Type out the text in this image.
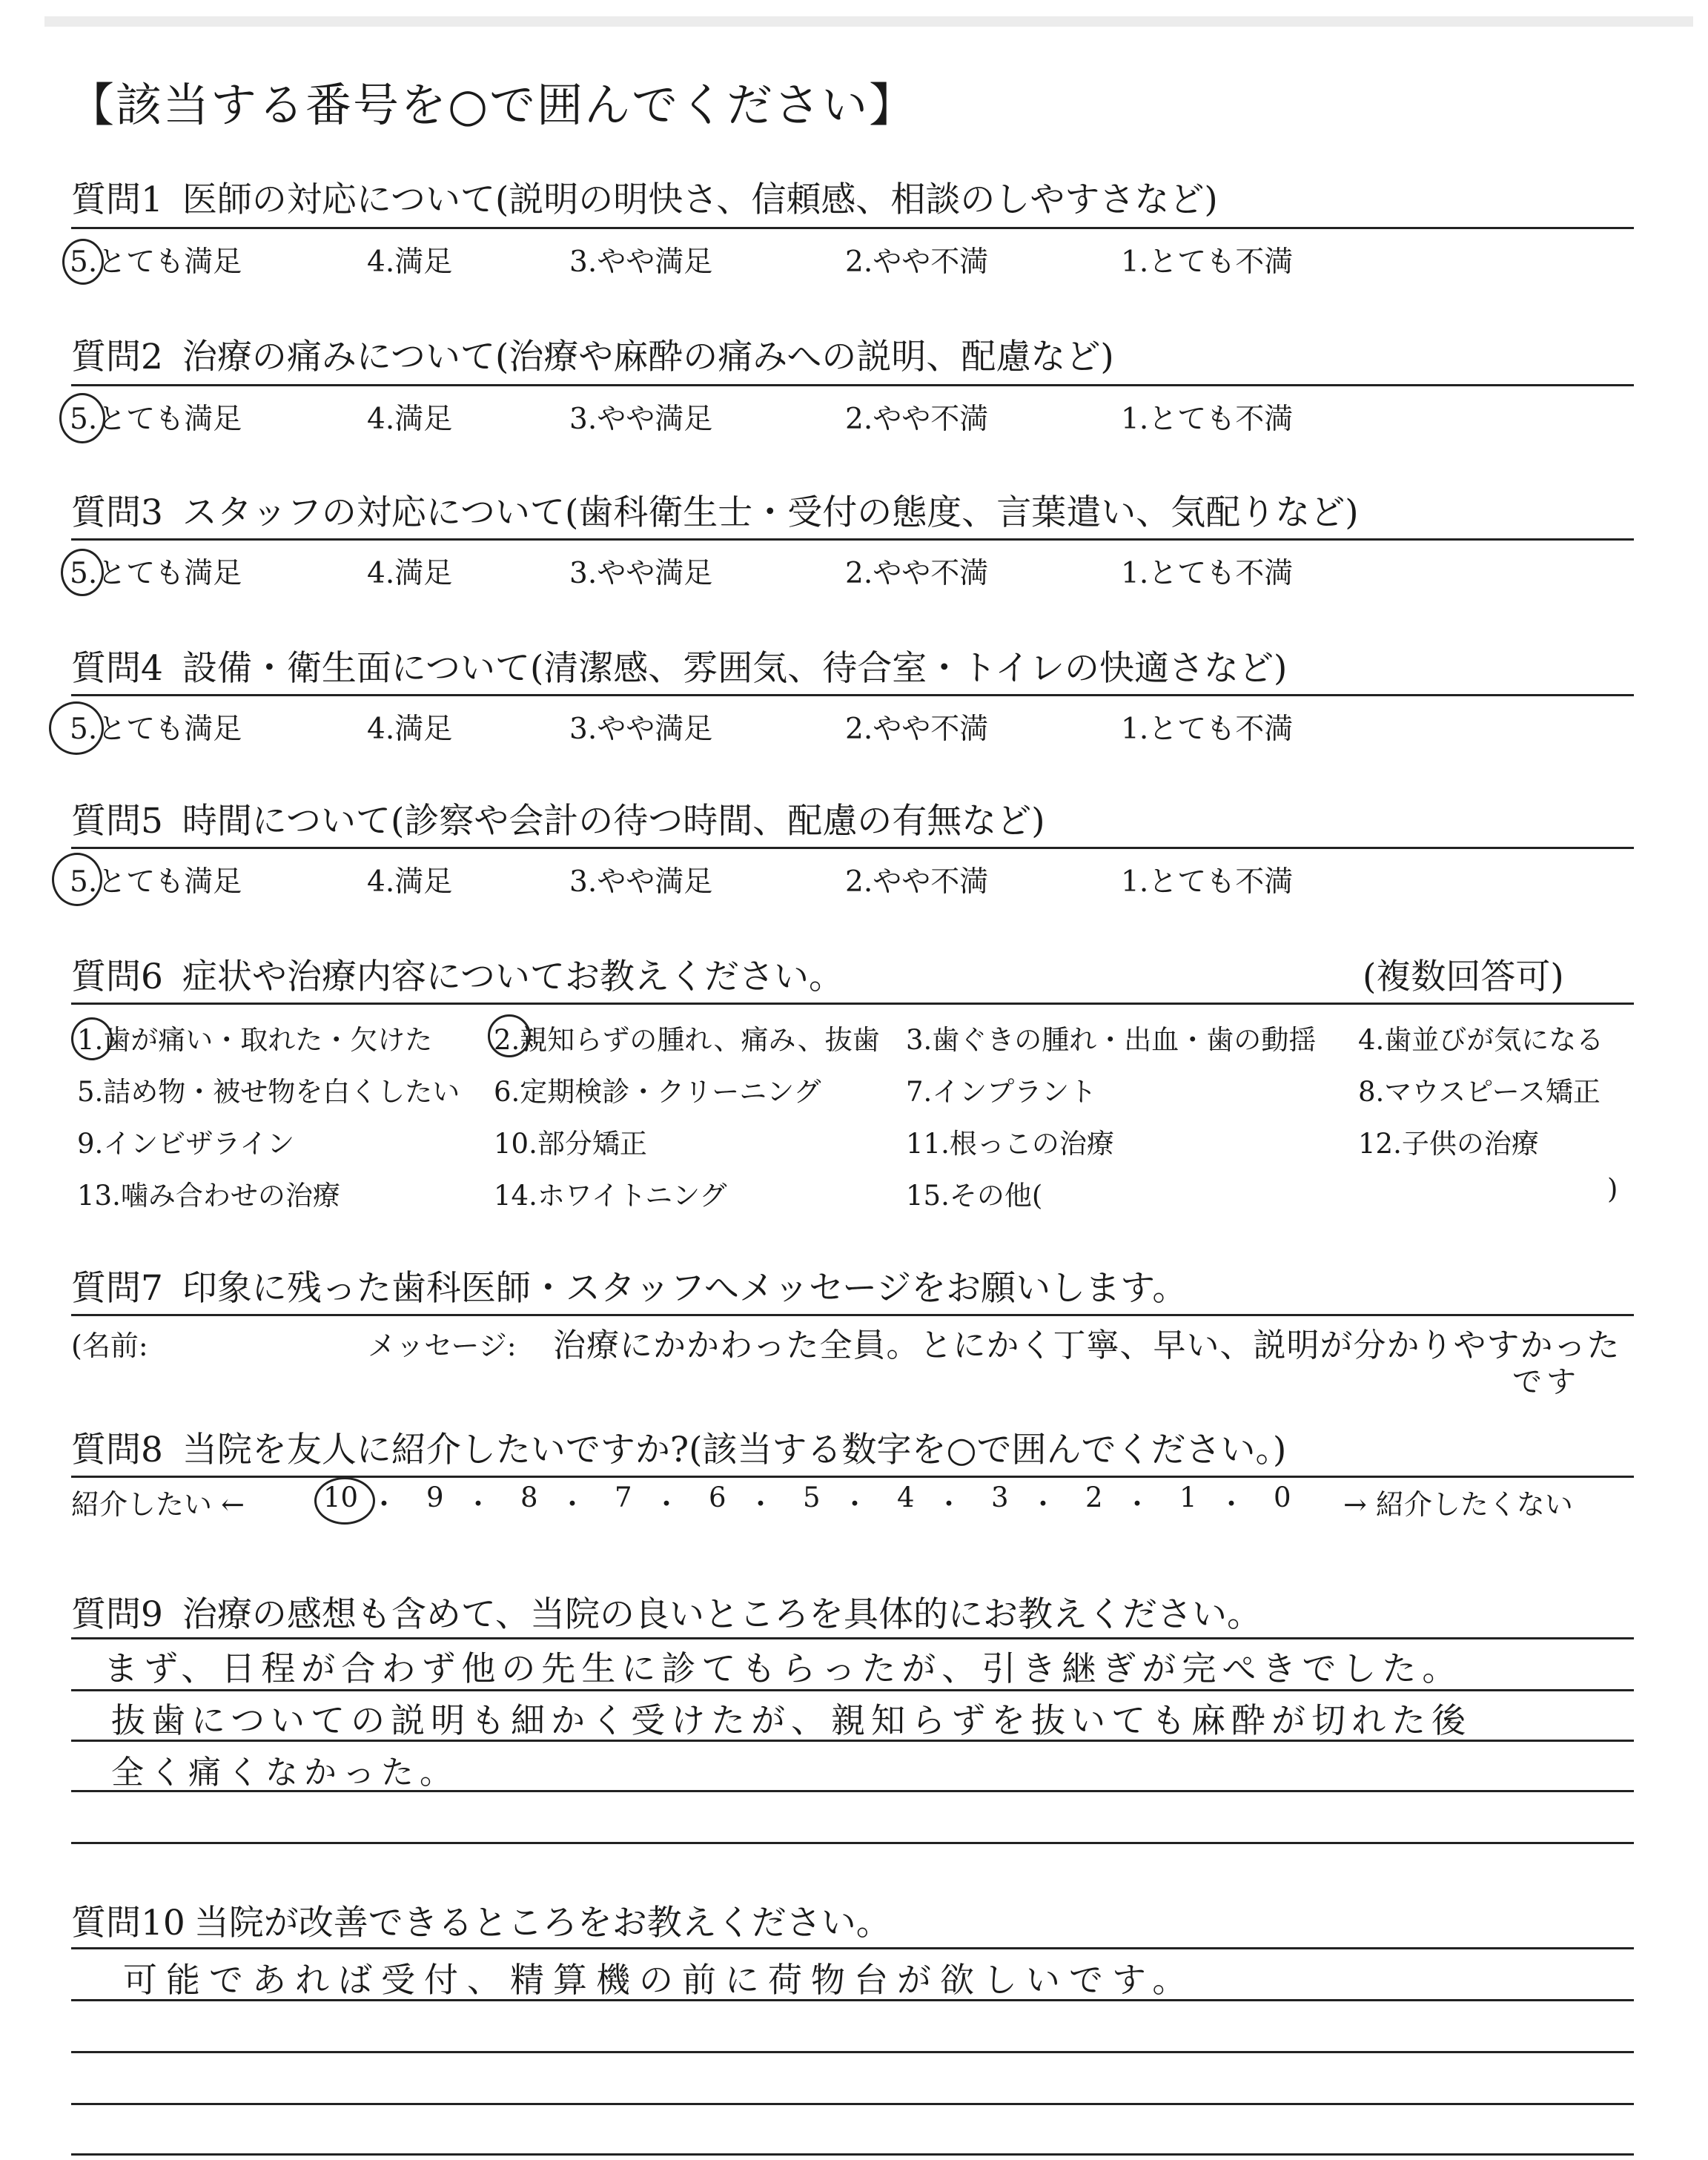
【該当する番号を○で囲んでください】
質問1 医師の対応について(説明の明快さ、信頼感、相談のしやすさなど)
5.とても満足	4.満足	3.やや満足	2.やや不満	1.とても不満
質問2 治療の痛みについて(治療や麻酔の痛みへの説明、配慮など)
5.とても満足	4.満足	3.やや満足	2.やや不満	1.とても不満
質問3 スタッフの対応について(歯科衛生士・受付の態度、言葉遣い、気配りなど)
5.とても満足	4.満足	3.やや満足	2.やや不満	1.とても不満
質問4 設備・衛生面について(清潔感、雰囲気、待合室・トイレの快適さなど)
5.とても満足	4.満足	3.やや満足	2.やや不満	1.とても不満
質問5 時間について(診察や会計の待つ時間、配慮の有無など)
5.とても満足	4.満足	3.やや満足	2.やや不満	1.とても不満
質問6 症状や治療内容についてお教えください。	(複数回答可)
1.歯が痛い・取れた・欠けた 2.親知らずの腫れ、痛み、抜歯 3.歯ぐきの腫れ・出血・歯の動揺 4.歯並びが気になる
5.詰め物・被せ物を白くしたい 6.定期検診・クリーニング	7.インプラント	8.マウスピース矯正
9.インビザライン	10.部分矯正	11.根っこの治療	12.子供の治療
13.噛み合わせの治療	14.ホワイトニング	15.その他(	)
質問7 印象に残った歯科医師・スタッフへメッセージをお願いします。
(名前:	メッセージ: 治療にかかわった全員。とにかく丁寧、早い、説明が分かりやすかった
です
質問8 当院を友人に紹介したいですか?(該当する数字を○で囲んでください。)
紹介したい ←	10 ・ 9 ・ 8 ・ 7 ・ 6 ・ 5 ・ 4 ・ 3 ・ 2 ・ 1 ・ 0 → 紹介したくない
質問9 治療の感想も含めて、当院の良いところを具体的にお教えください。
まず、日程が合わず他の先生に診てもらったが、引き継ぎが完ぺきでした。
抜歯についての説明も細かく受けたが、親知らずを抜いても麻酔が切れた後
全く痛くなかった。
質問10 当院が改善できるところをお教えください。
可能であれば受付、精算機の前に荷物台が欲しいです。
